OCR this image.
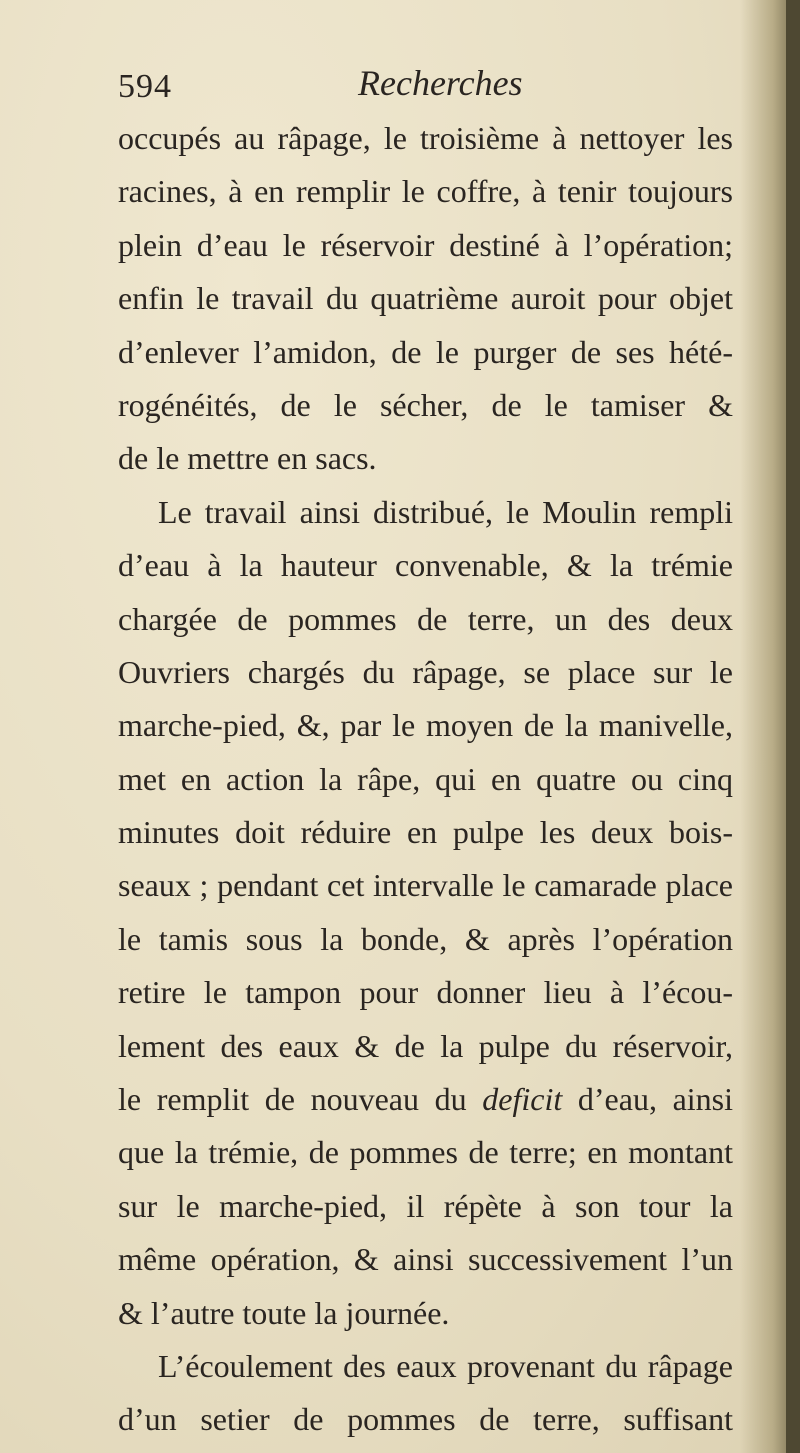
594	Recherches
occupés au râpage, le troisième à nettoyer les
racines, à en remplir le coffre, à tenir toujours
plein d’eau le réservoir destiné à l’opération;
enfin le travail du quatrième auroit pour objet
d’enlever l’amidon, de le purger de ses hété-
rogénéités, de le sécher, de le tamiser &
de le mettre en sacs.
Le travail ainsi distribué, le Moulin rempli
d’eau à la hauteur convenable, & la trémie
chargée de pommes de terre, un des deux
Ouvriers chargés du râpage, se place sur le
marche-pied, &, par le moyen de la manivelle,
met en action la râpe, qui en quatre ou cinq
minutes doit réduire en pulpe les deux bois-
seaux ; pendant cet intervalle le camarade place
le tamis sous la bonde, & après l’opération
retire le tampon pour donner lieu à l’écou-
lement des eaux & de la pulpe du réservoir,
le remplit de nouveau du deficit d’eau, ainsi
que la trémie, de pommes de terre; en montant
sur le marche-pied, il répète à son tour la
même opération, & ainsi successivement l’un
& l’autre toute la journée.
L’écoulement des eaux provenant du râpage
d’un setier de pommes de terre, suffisant
